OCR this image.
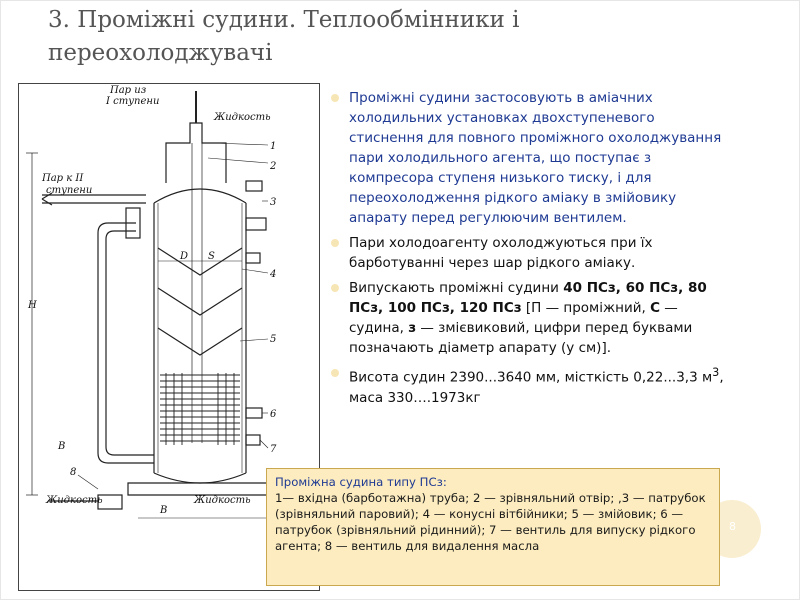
3. Проміжні судини. Теплообмінники і переохолоджувачі
Пар из
I ступени
Жидкость
Пар к II
ступени
H
D S
B
B
Жидкость	Жидкость
1
2
3
4
5
6
7
8
Проміжні судини застосовують в аміачних холодильних установках двохступеневого стиснення для повного проміжного охолоджування пари холодильного агента, що поступає з компресора ступеня низького тиску, і для переохолодження рідкого аміаку в змійовику апарату перед регулюючим вентилем.
Пари холодоагенту охолоджуються при їх барботуванні через шар рідкого аміаку.
Випускають проміжні судини 40 ПСз, 60 ПСз, 80 ПСз, 100 ПСз, 120 ПСз [П — проміжний, С — судина, з — змієвиковий, цифри перед буквами позначають діаметр апарату (у см)].
Висота судин 2390...3640 мм, місткість 0,22...3,3 $м^3$, маса 330….1973кг
8
Проміжна судина типу ПСз:
1— вхідна (барботажна) труба; 2 — зрівняльний отвір; ,3 — патрубок (зрівняльний паровий); 4 — конусні вітбійники; 5 — змійовик; 6 — патрубок (зрівняльний рідинний); 7 — вентиль для випуску рідкого агента; 8 — вентиль для видалення масла
